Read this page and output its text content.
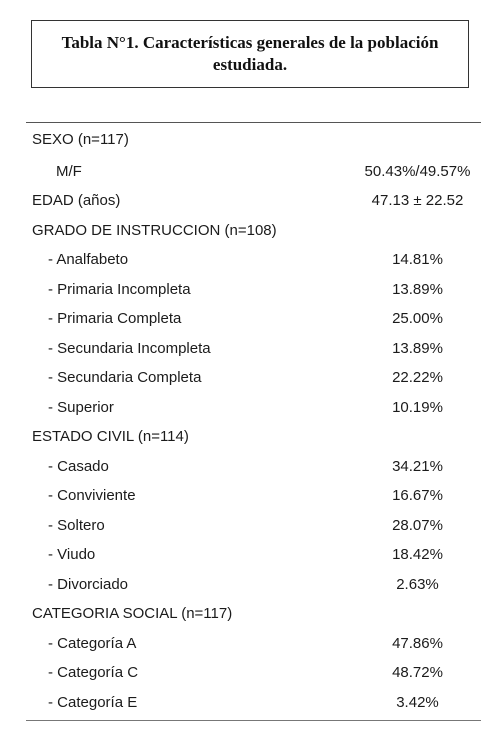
Tabla N°1. Características generales de la población
estudiada.
SEXO (n=117)
M/F	50.43%/49.57%
EDAD (años)	47.13 ± 22.52
GRADO DE INSTRUCCION (n=108)
- Analfabeto	14.81%
- Primaria Incompleta	13.89%
- Primaria Completa	25.00%
- Secundaria Incompleta	13.89%
- Secundaria Completa	22.22%
- Superior	10.19%
ESTADO CIVIL (n=114)
- Casado	34.21%
- Conviviente	16.67%
- Soltero	28.07%
- Viudo	18.42%
- Divorciado	2.63%
CATEGORIA SOCIAL (n=117)
- Categoría A	47.86%
- Categoría C	48.72%
- Categoría E	3.42%
